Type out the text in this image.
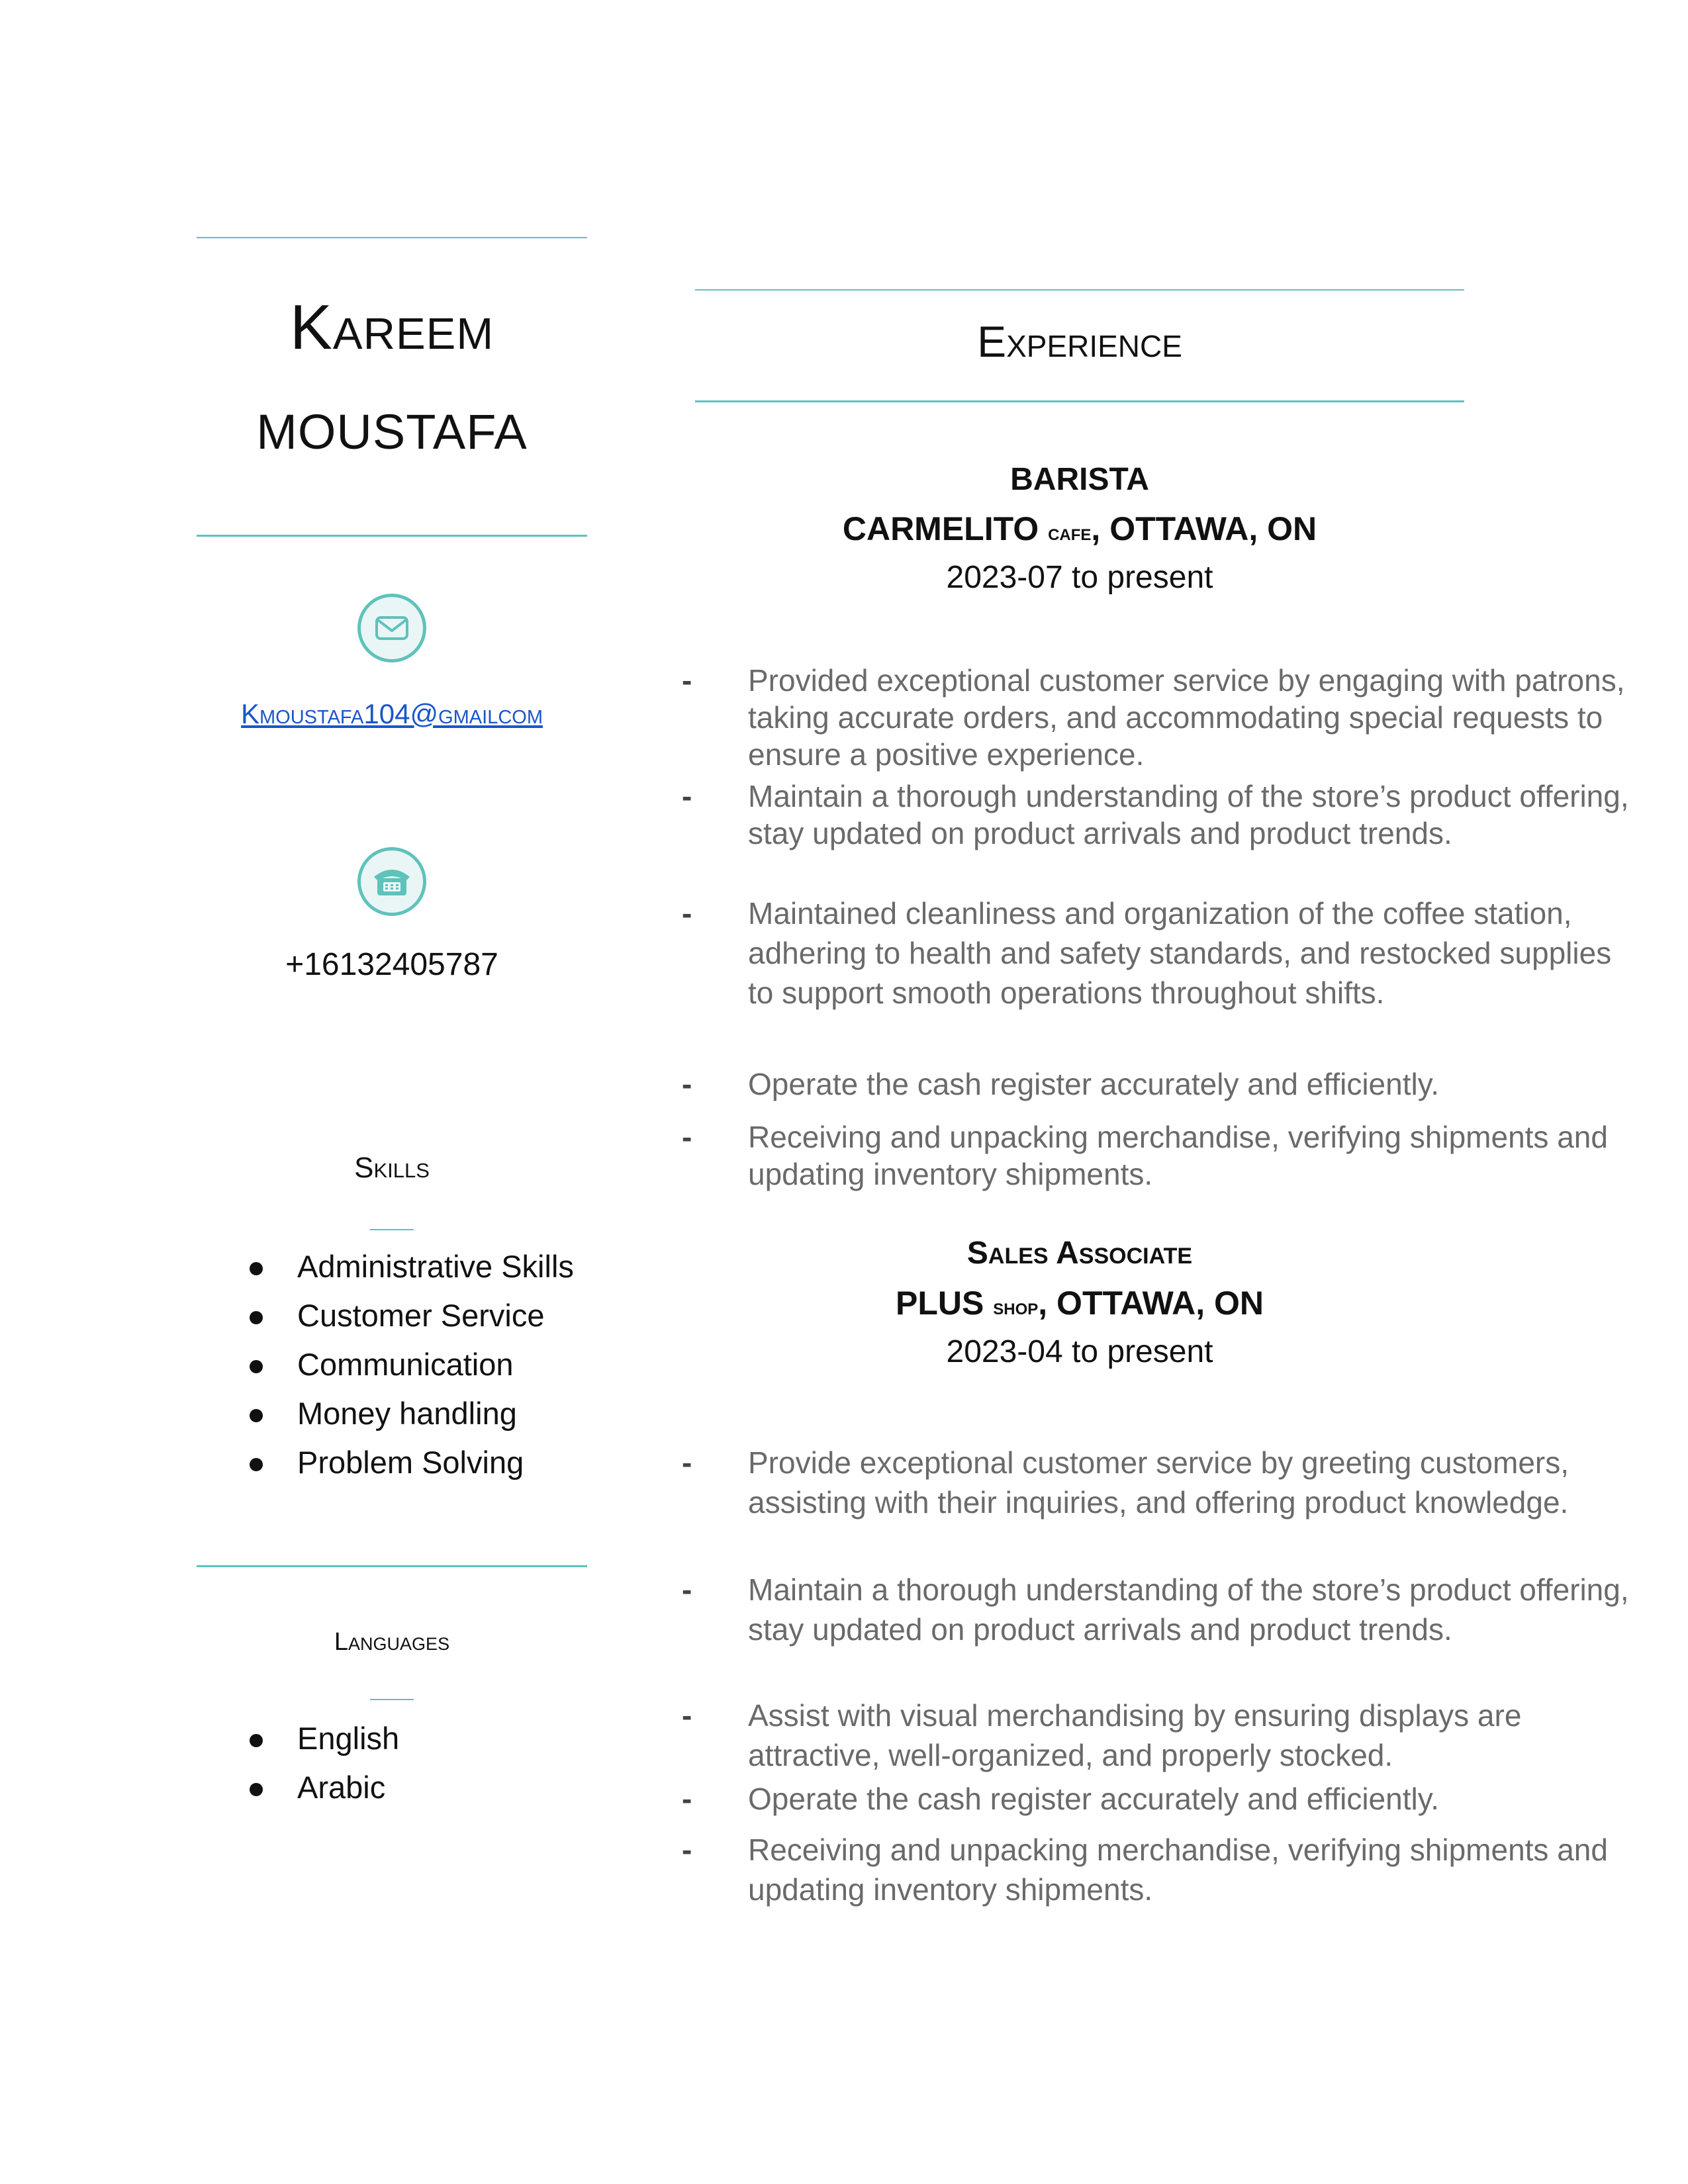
Kareem
MOUSTAFA
Kmoustafa104@gmailcom
+16132405787
Skills
Administrative Skills
Customer Service
Communication
Money handling
Problem Solving
Languages
English
Arabic
Experience
BARISTA
CARMELITO cafe, OTTAWA, ON
2023-07 to present
- Provided exceptional customer service by engaging with patrons, taking accurate orders, and accommodating special requests to ensure a positive experience.
- Maintain a thorough understanding of the store’s product offering, stay updated on product arrivals and product trends.
- Maintained cleanliness and organization of the coffee station, adhering to health and safety standards, and restocked supplies to support smooth operations throughout shifts.
- Operate the cash register accurately and efficiently.
- Receiving and unpacking merchandise, verifying shipments and updating inventory shipments.
Sales Associate
PLUS shop, OTTAWA, ON
2023-04 to present
- Provide exceptional customer service by greeting customers, assisting with their inquiries, and offering product knowledge.
- Maintain a thorough understanding of the store’s product offering, stay updated on product arrivals and product trends.
- Assist with visual merchandising by ensuring displays are attractive, well-organized, and properly stocked.
- Operate the cash register accurately and efficiently.
- Receiving and unpacking merchandise, verifying shipments and updating inventory shipments.
